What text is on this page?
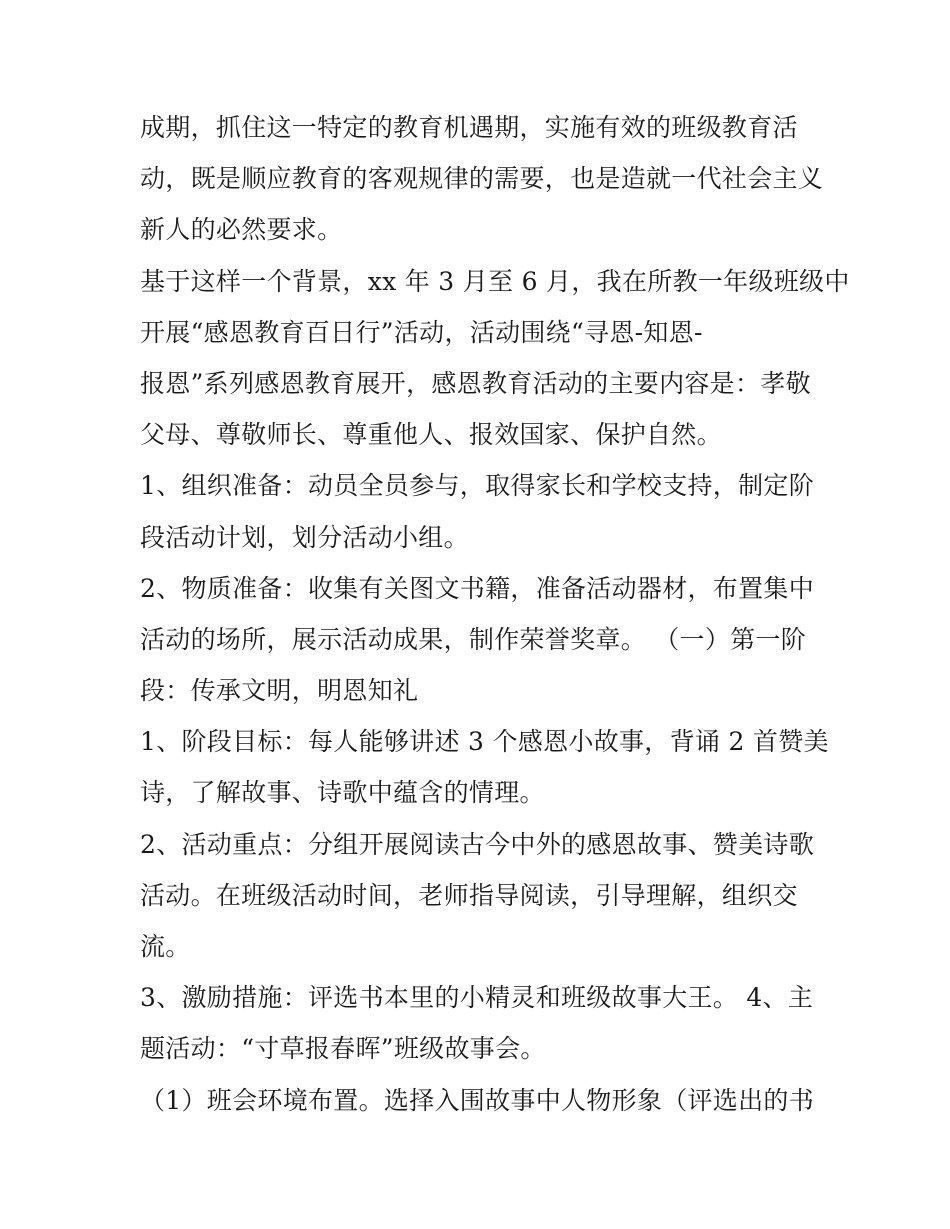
成期，抓住这一特定的教育机遇期，实施有效的班级教育活
动，既是顺应教育的客观规律的需要，也是造就一代社会主义
新人的必然要求。
基于这样一个背景，xx 年 3 月至 6 月，我在所教一年级班级中
开展“感恩教育百日行”活动，活动围绕“寻恩-知恩-
报恩”系列感恩教育展开，感恩教育活动的主要内容是：孝敬
父母、尊敬师长、尊重他人、报效国家、保护自然。
1、组织准备：动员全员参与，取得家长和学校支持，制定阶
段活动计划，划分活动小组。
2、物质准备：收集有关图文书籍，准备活动器材，布置集中
活动的场所，展示活动成果，制作荣誉奖章。 （一）第一阶
段：传承文明，明恩知礼
1、阶段目标：每人能够讲述 3 个感恩小故事，背诵 2 首赞美
诗，了解故事、诗歌中蕴含的情理。
2、活动重点：分组开展阅读古今中外的感恩故事、赞美诗歌
活动。在班级活动时间，老师指导阅读，引导理解，组织交
流。
3、激励措施：评选书本里的小精灵和班级故事大王。 4、主
题活动：“寸草报春晖”班级故事会。
（1）班会环境布置。选择入围故事中人物形象（评选出的书
